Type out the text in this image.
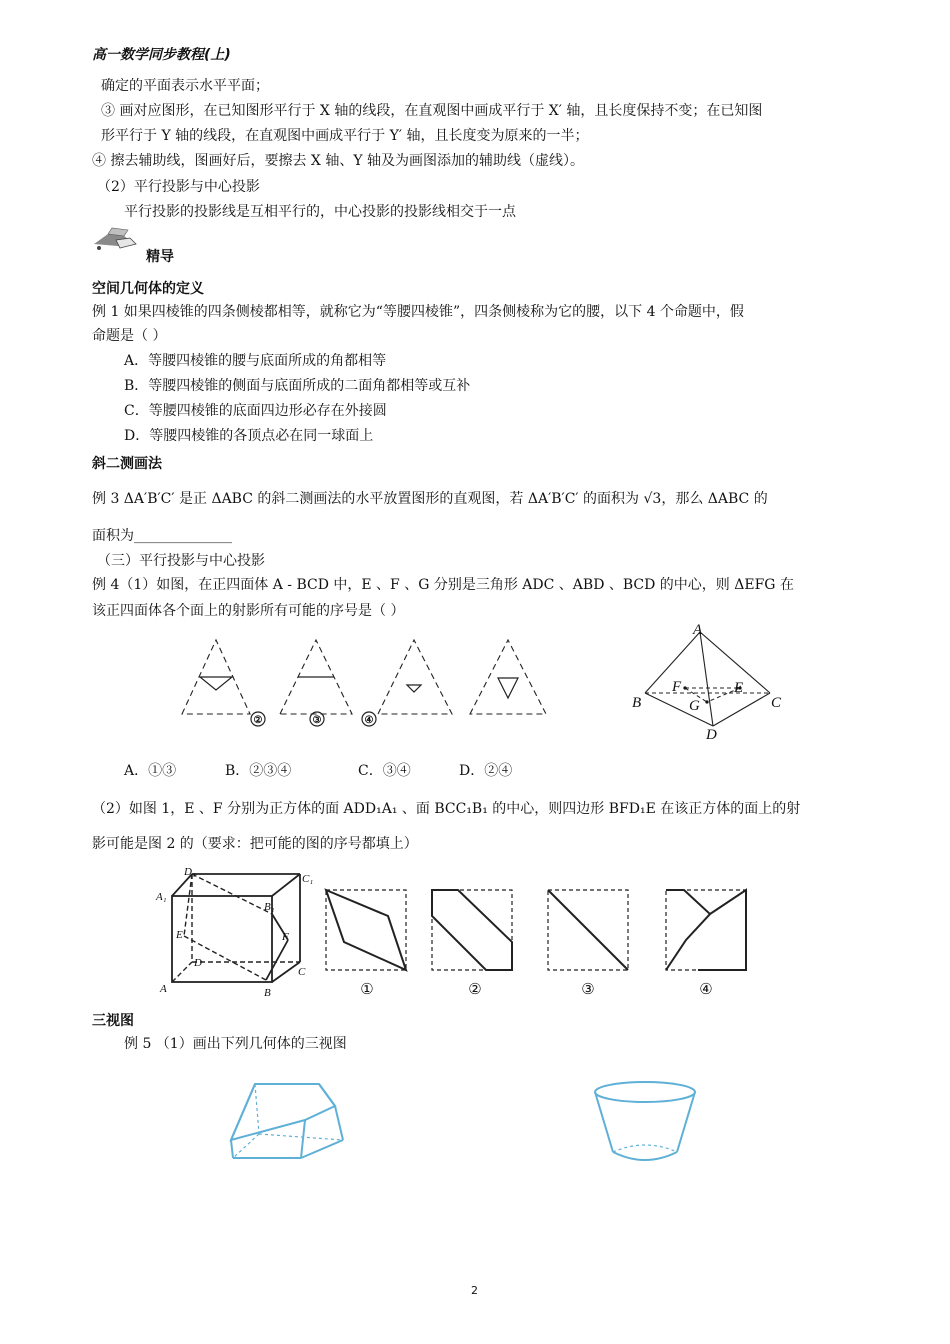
高一数学同步教程(上)
确定的平面表示水平平面；
③ 画对应图形，在已知图形平行于 X 轴的线段，在直观图中画成平行于 X′ 轴，且长度保持不变；在已知图
形平行于 Y 轴的线段，在直观图中画成平行于 Y′ 轴，且长度变为原来的一半；
④ 擦去辅助线，图画好后，要擦去 X 轴、Y 轴及为画图添加的辅助线（虚线）。
（2）平行投影与中心投影
平行投影的投影线是互相平行的，中心投影的投影线相交于一点
精导
空间几何体的定义
例 1 如果四棱锥的四条侧棱都相等，就称它为“等腰四棱锥”，四条侧棱称为它的腰，以下 4 个命题中，假
命题是（ ）
A．等腰四棱锥的腰与底面所成的角都相等
B．等腰四棱锥的侧面与底面所成的二面角都相等或互补
C．等腰四棱锥的底面四边形必存在外接圆
D．等腰四棱锥的各顶点必在同一球面上
斜二测画法
例 3 ΔA′B′C′ 是正 ΔABC 的斜二测画法的水平放置图形的直观图，若 ΔA′B′C′ 的面积为 √3，那么 ΔABC 的
面积为______________
（三）平行投影与中心投影
例 4（1）如图，在正四面体 A - BCD 中，E 、F 、G 分别是三角形 ADC 、ABD 、BCD 的中心，则 ΔEFG 在
该正四面体各个面上的射影所有可能的序号是（ ）
②	③	④
A
B	C
D
F	E
G
A．①③	B．②③④	C．③④	D．②④
（2）如图 1，E 、F 分别为正方体的面 ADD₁A₁ 、面 BCC₁B₁ 的中心，则四边形 BFD₁E 在该正方体的面上的射
影可能是图 2 的（要求：把可能的图的序号都填上）
D₁
C₁
A₁
B₁
E	F
D
C
A	B	①	②	③	④
三视图
例 5 （1）画出下列几何体的三视图
2
